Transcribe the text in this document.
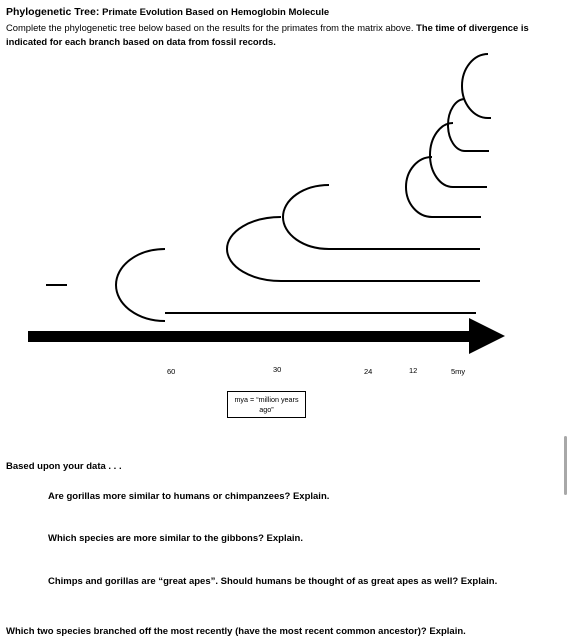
Phylogenetic Tree: Primate Evolution Based on Hemoglobin Molecule
Complete the phylogenetic tree below based on the results for the primates from the matrix above. The time of divergence is indicated for each branch based on data from fossil records.
60	30	24	12	5my
mya = “million years ago”
Based upon your data . . .
Are gorillas more similar to humans or chimpanzees? Explain.
Which species are more similar to the gibbons? Explain.
Chimps and gorillas are “great apes”. Should humans be thought of as great apes as well? Explain.
Which two species branched off the most recently (have the most recent common ancestor)? Explain.
